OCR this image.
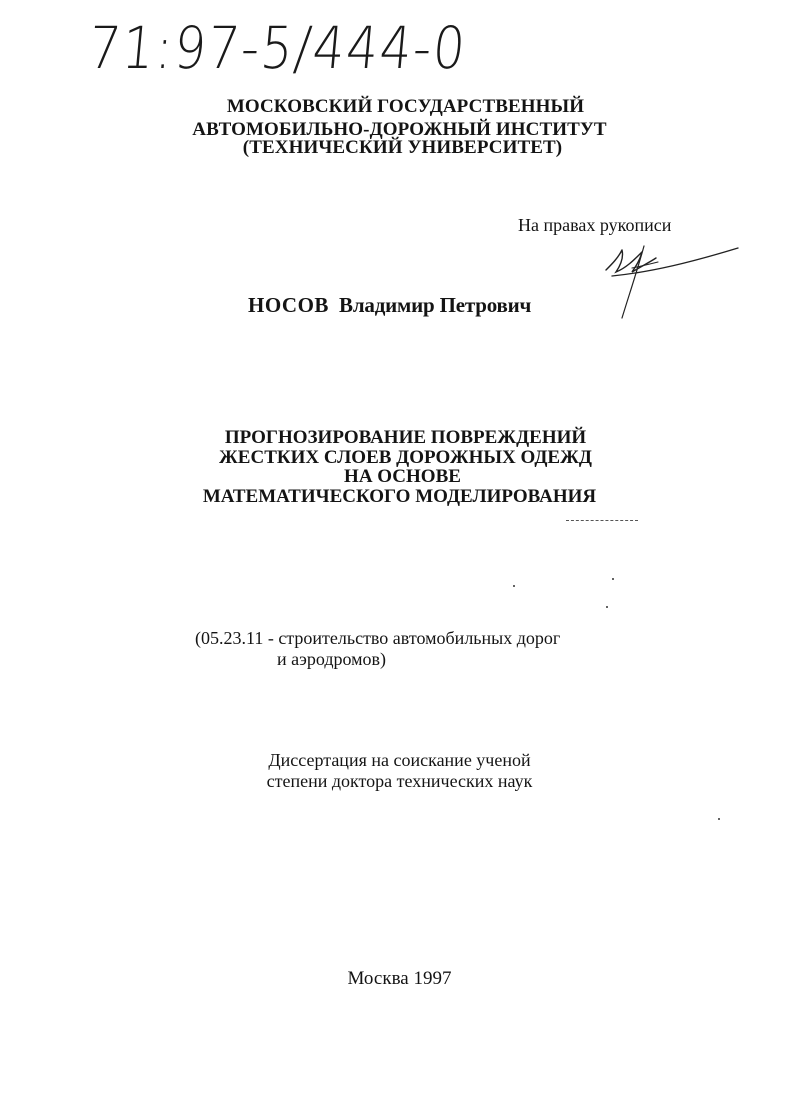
71:97-5/444-0
МОСКОВСКИЙ ГОСУДАРСТВЕННЫЙ
АВТОМОБИЛЬНО-ДОРОЖНЫЙ ИНСТИТУТ
(ТЕХНИЧЕСКИЙ УНИВЕРСИТЕТ)
На правах рукописи
НОСОВ Владимир Петрович
ПРОГНОЗИРОВАНИЕ ПОВРЕЖДЕНИЙ
ЖЕСТКИХ СЛОЕВ ДОРОЖНЫХ ОДЕЖД
НА ОСНОВЕ
МАТЕМАТИЧЕСКОГО МОДЕЛИРОВАНИЯ
(05.23.11 - строительство автомобильных дорог
и аэродромов)
Диссертация на соискание ученой
степени доктора технических наук
Москва 1997
